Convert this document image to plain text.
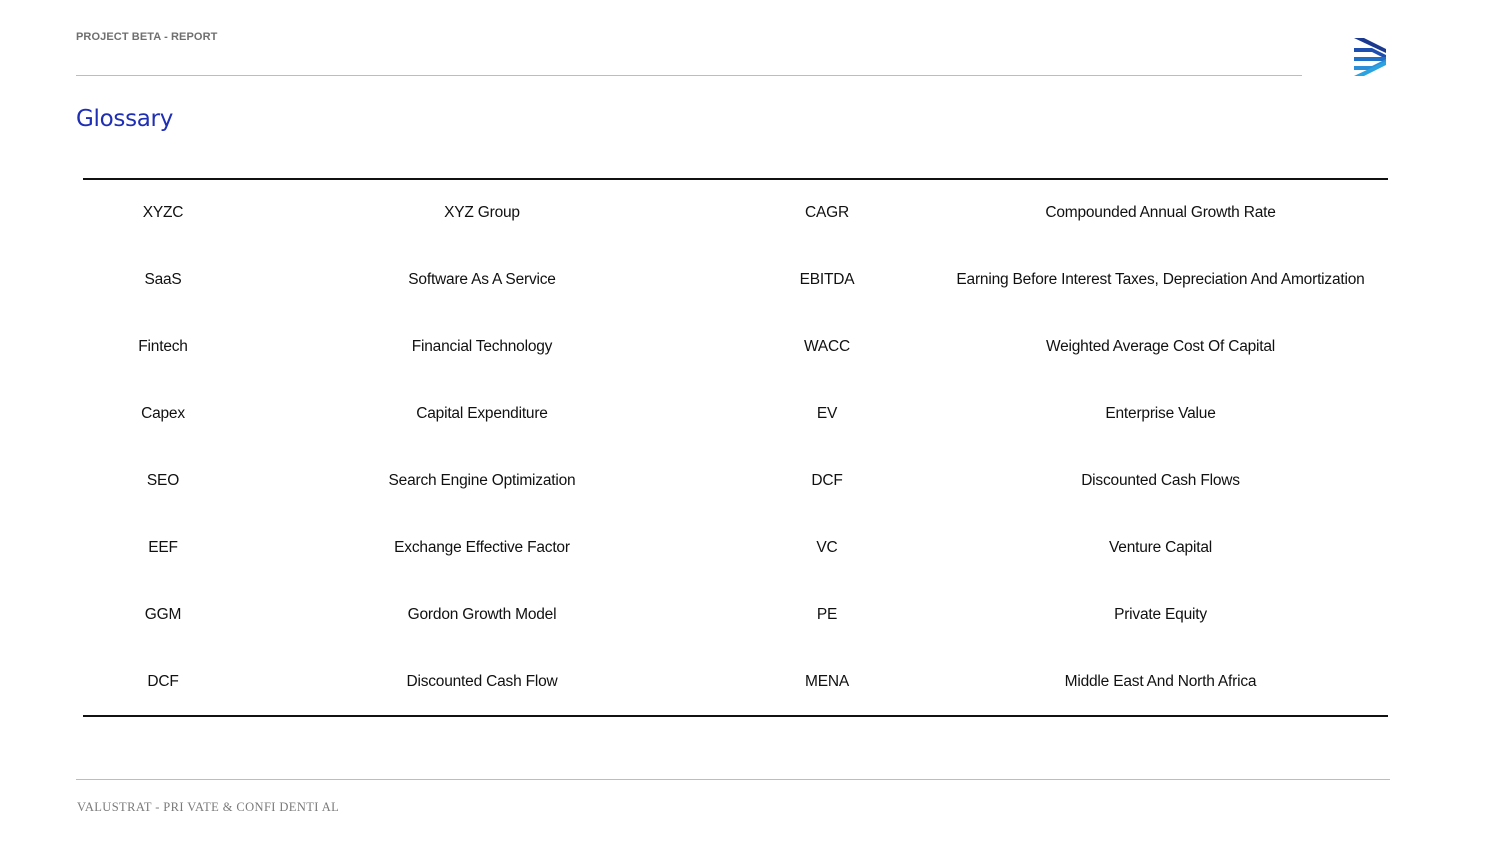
PROJECT BETA - REPORT
Glossary
XYZC	XYZ Group	CAGR	Compounded Annual Growth Rate
SaaS	Software As A Service	EBITDA	Earning Before Interest Taxes, Depreciation And Amortization
Fintech	Financial Technology	WACC	Weighted Average Cost Of Capital
Capex	Capital Expenditure	EV	Enterprise Value
SEO	Search Engine Optimization	DCF	Discounted Cash Flows
EEF	Exchange Effective Factor	VC	Venture Capital
GGM	Gordon Growth Model	PE	Private Equity
DCF	Discounted Cash Flow	MENA	Middle East And North Africa
VALUSTRAT - PRI VATE & CONFI DENTI AL
